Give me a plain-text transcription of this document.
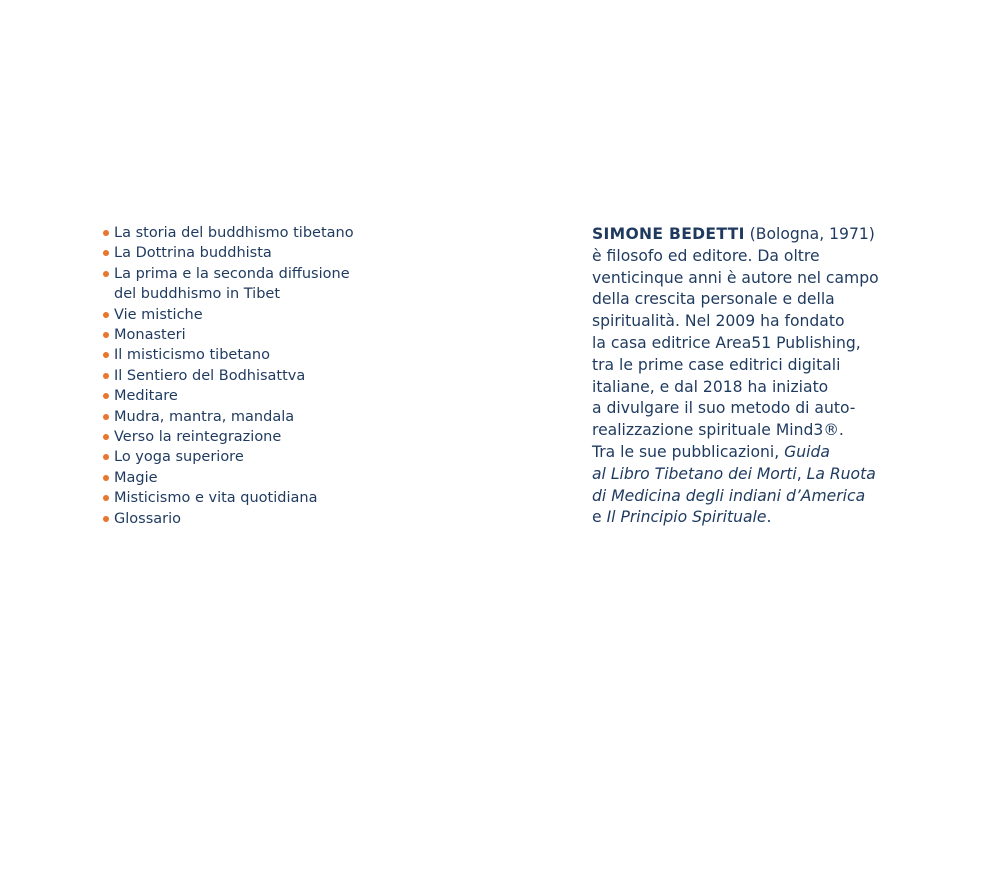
La storia del buddhismo tibetano
La Dottrina buddhista
La prima e la seconda diffusione
del buddhismo in Tibet
Vie mistiche
Monasteri
Il misticismo tibetano
Il Sentiero del Bodhisattva
Meditare
Mudra, mantra, mandala
Verso la reintegrazione
Lo yoga superiore
Magie
Misticismo e vita quotidiana
Glossario
SIMONE BEDETTI (Bologna, 1971)
è filosofo ed editore. Da oltre
venticinque anni è autore nel campo
della crescita personale e della
spiritualità. Nel 2009 ha fondato
la casa editrice Area51 Publishing,
tra le prime case editrici digitali
italiane, e dal 2018 ha iniziato
a divulgare il suo metodo di auto-
realizzazione spirituale Mind3®.
Tra le sue pubblicazioni, Guida
al Libro Tibetano dei Morti, La Ruota
di Medicina degli indiani d’America
e Il Principio Spirituale.
